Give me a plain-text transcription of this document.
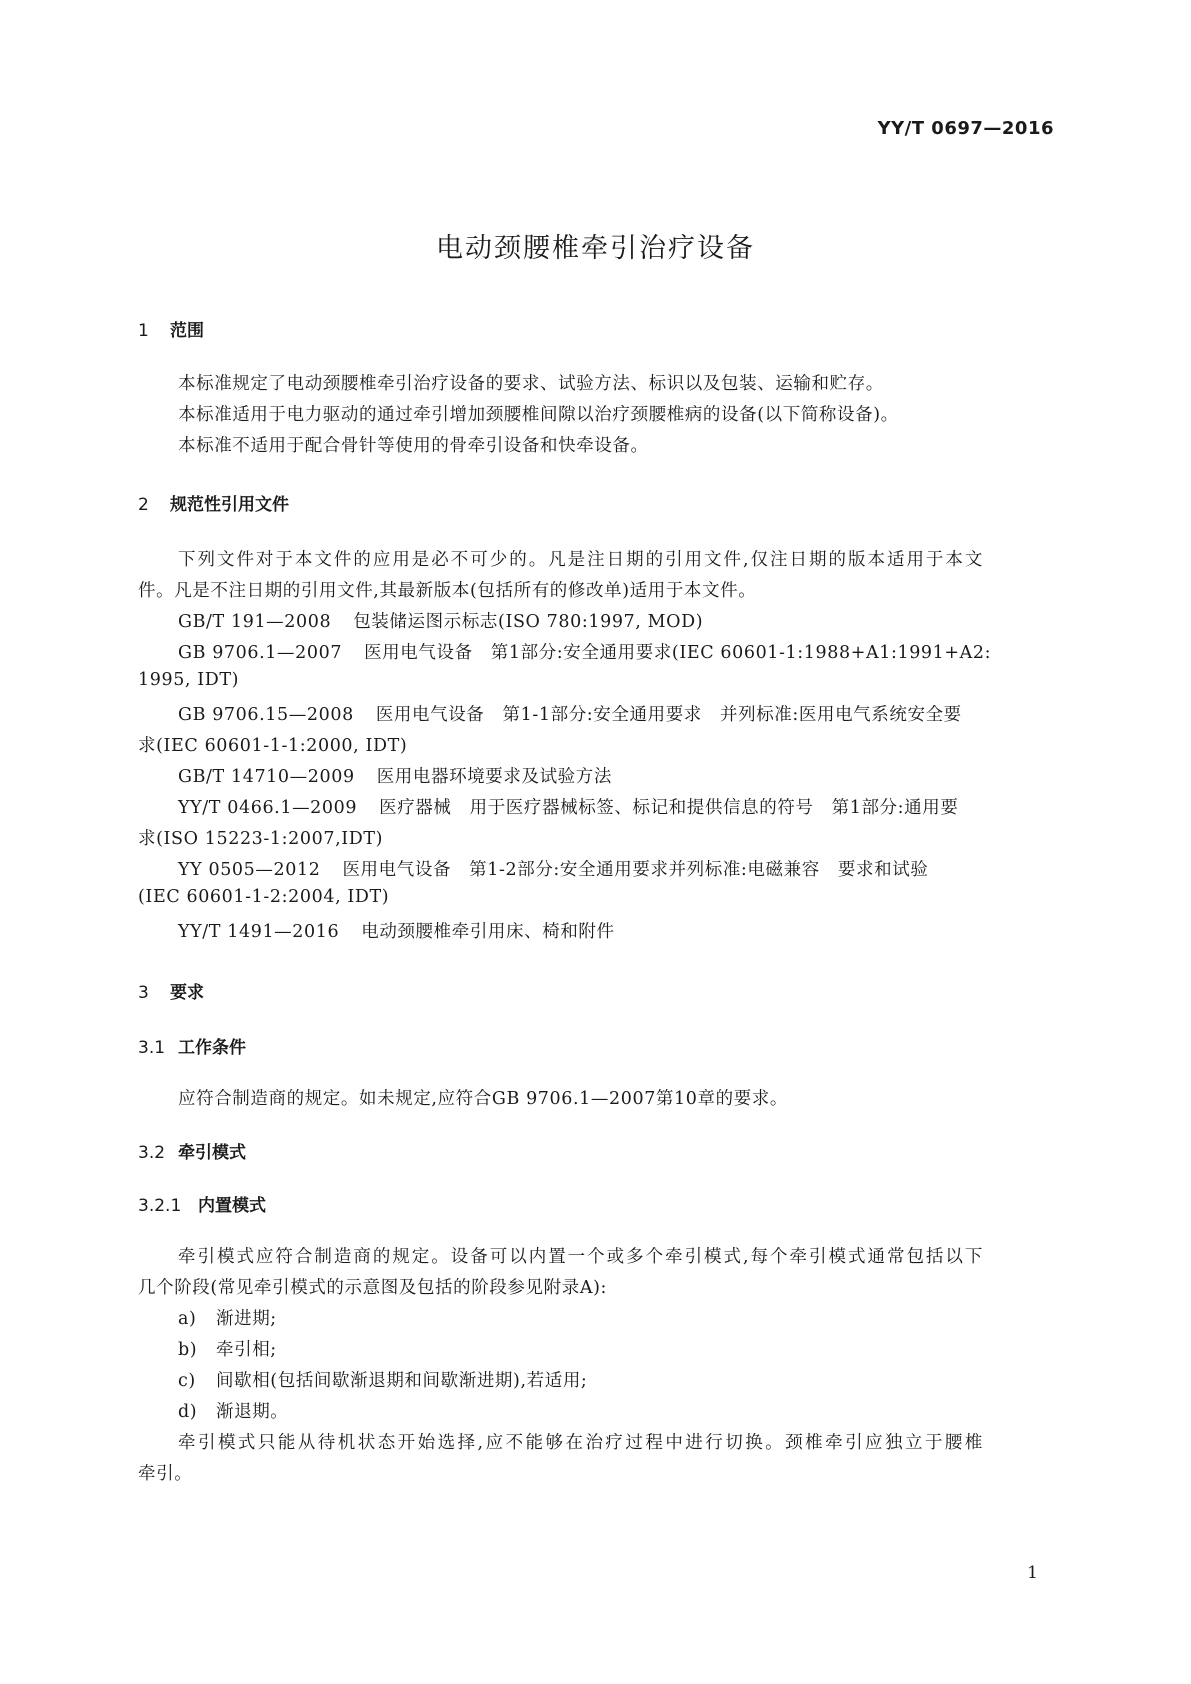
YY/T 0697—2016
电动颈腰椎牵引治疗设备
1 范围
本标准规定了电动颈腰椎牵引治疗设备的要求、试验方法、标识以及包装、运输和贮存。
本标准适用于电力驱动的通过牵引增加颈腰椎间隙以治疗颈腰椎病的设备(以下简称设备)。
本标准不适用于配合骨针等使用的骨牵引设备和快牵设备。
2 规范性引用文件
下列文件对于本文件的应用是必不可少的。凡是注日期的引用文件,仅注日期的版本适用于本文
件。凡是不注日期的引用文件,其最新版本(包括所有的修改单)适用于本文件。
GB/T 191—2008 包装储运图示标志(ISO 780:1997, MOD)
GB 9706.1—2007 医用电气设备　第1部分:安全通用要求(IEC 60601-1:1988+A1:1991+A2:
1995, IDT)
GB 9706.15—2008 医用电气设备　第1-1部分:安全通用要求　并列标准:医用电气系统安全要
求(IEC 60601-1-1:2000, IDT)
GB/T 14710—2009 医用电器环境要求及试验方法
YY/T 0466.1—2009 医疗器械　用于医疗器械标签、标记和提供信息的符号　第1部分:通用要
求(ISO 15223-1:2007,IDT)
YY 0505—2012 医用电气设备　第1-2部分:安全通用要求并列标准:电磁兼容　要求和试验
(IEC 60601-1-2:2004, IDT)
YY/T 1491—2016 电动颈腰椎牵引用床、椅和附件
3 要求
3.1 工作条件
应符合制造商的规定。如未规定,应符合GB 9706.1—2007第10章的要求。
3.2 牵引模式
3.2.1 内置模式
牵引模式应符合制造商的规定。设备可以内置一个或多个牵引模式,每个牵引模式通常包括以下
几个阶段(常见牵引模式的示意图及包括的阶段参见附录A):
a) 渐进期;
b) 牵引相;
c) 间歇相(包括间歇渐退期和间歇渐进期),若适用;
d) 渐退期。
牵引模式只能从待机状态开始选择,应不能够在治疗过程中进行切换。颈椎牵引应独立于腰椎
牵引。
1
